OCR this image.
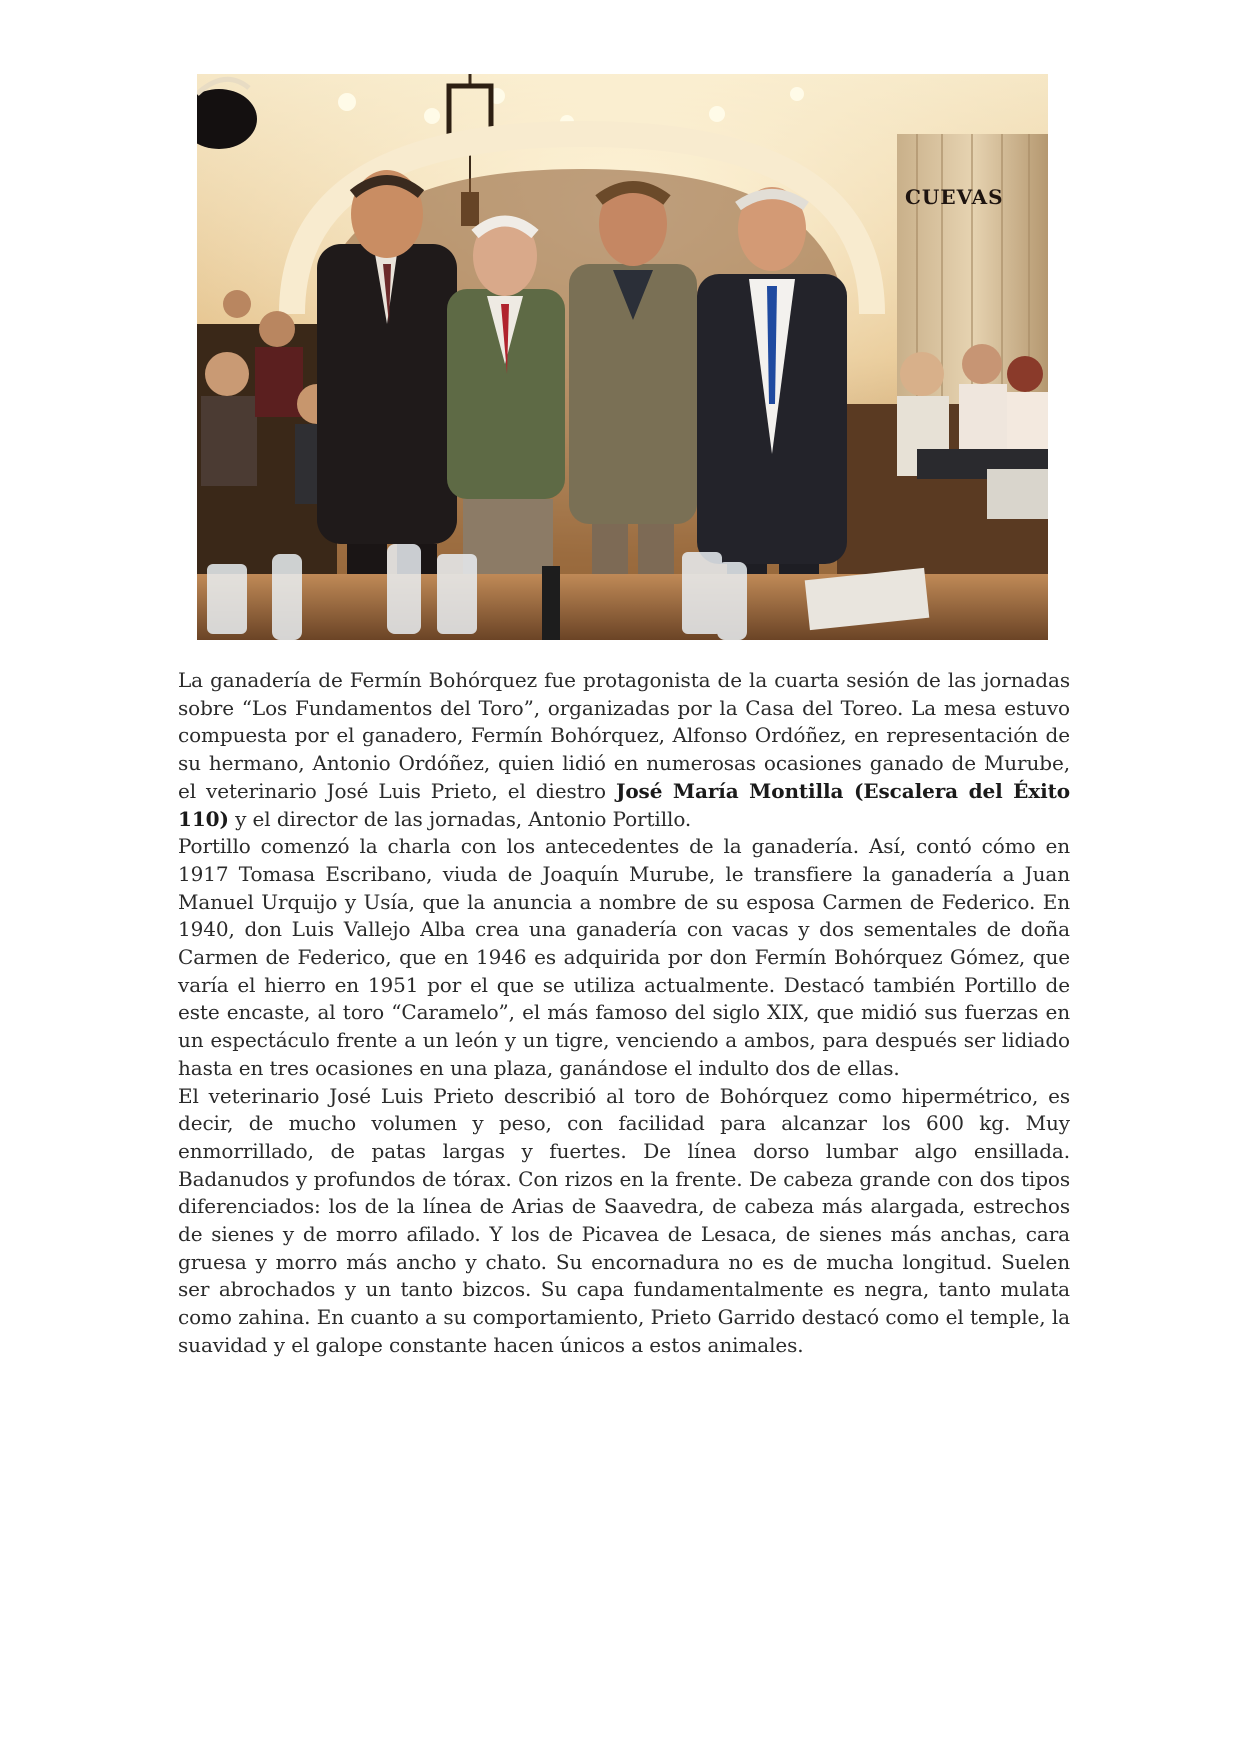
CUEVAS

La ganadería de Fermín Bohórquez fue protagonista de la cuarta sesión de las jornadas sobre “Los Fundamentos del Toro”, organizadas por la Casa del Toreo. La mesa estuvo compuesta por el ganadero, Fermín Bohórquez, Alfonso Ordóñez, en representación de su hermano, Antonio Ordóñez, quien lidió en numerosas ocasiones ganado de Murube, el veterinario José Luis Prieto, el diestro José María Montilla (Escalera del Éxito 110) y el director de las jornadas, Antonio Portillo.

Portillo comenzó la charla con los antecedentes de la ganadería. Así, contó cómo en 1917 Tomasa Escribano, viuda de Joaquín Murube, le transfiere la ganadería a Juan Manuel Urquijo y Usía, que la anuncia a nombre de su esposa Carmen de Federico. En 1940, don Luis Vallejo Alba crea una ganadería con vacas y dos sementales de doña Carmen de Federico, que en 1946 es adquirida por don Fermín Bohórquez Gómez, que varía el hierro en 1951 por el que se utiliza actualmente. Destacó también Portillo de este encaste, al toro “Caramelo”, el más famoso del siglo XIX, que midió sus fuerzas en un espectáculo frente a un león y un tigre, venciendo a ambos, para después ser lidiado hasta en tres ocasiones en una plaza, ganándose el indulto dos de ellas.

El veterinario José Luis Prieto describió al toro de Bohórquez como hipermétrico, es decir, de mucho volumen y peso, con facilidad para alcanzar los 600 kg. Muy enmorrillado, de patas largas y fuertes. De línea dorso lumbar algo ensillada. Badanudos y profundos de tórax. Con rizos en la frente. De cabeza grande con dos tipos diferenciados: los de la línea de Arias de Saavedra, de cabeza más alargada, estrechos de sienes y de morro afilado. Y los de Picavea de Lesaca, de sienes más anchas, cara gruesa y morro más ancho y chato. Su encornadura no es de mucha longitud. Suelen ser abrochados y un tanto bizcos. Su capa fundamentalmente es negra, tanto mulata como zahina. En cuanto a su comportamiento, Prieto Garrido destacó como el temple, la suavidad y el galope constante hacen únicos a estos animales.
